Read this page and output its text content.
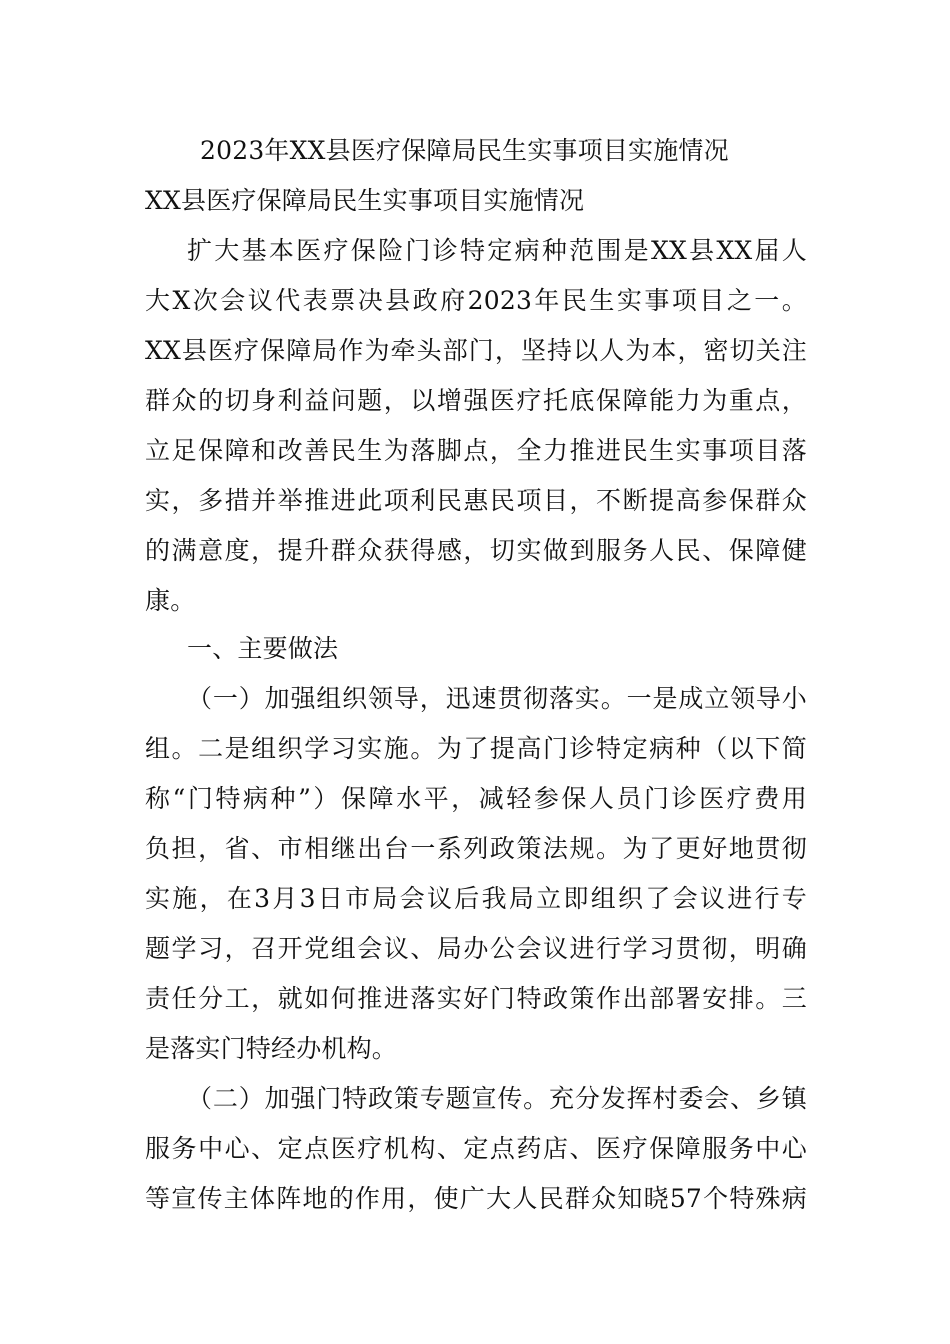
2023年XX县医疗保障局民生实事项目实施情况
XX县医疗保障局民生实事项目实施情况
扩大基本医疗保险门诊特定病种范围是XX县XX届人
大X次会议代表票决县政府2023年民生实事项目之一。
XX县医疗保障局作为牵头部门，坚持以人为本，密切关注
群众的切身利益问题，以增强医疗托底保障能力为重点，
立足保障和改善民生为落脚点，全力推进民生实事项目落
实，多措并举推进此项利民惠民项目，不断提高参保群众
的满意度，提升群众获得感，切实做到服务人民、保障健
康。
一、主要做法
（一）加强组织领导，迅速贯彻落实。一是成立领导小
组。二是组织学习实施。为了提高门诊特定病种（以下简
称“门特病种”）保障水平，减轻参保人员门诊医疗费用
负担，省、市相继出台一系列政策法规。为了更好地贯彻
实施，在3月3日市局会议后我局立即组织了会议进行专
题学习，召开党组会议、局办公会议进行学习贯彻，明确
责任分工，就如何推进落实好门特政策作出部署安排。三
是落实门特经办机构。
（二）加强门特政策专题宣传。充分发挥村委会、乡镇
服务中心、定点医疗机构、定点药店、医疗保障服务中心
等宣传主体阵地的作用，使广大人民群众知晓57个特殊病
